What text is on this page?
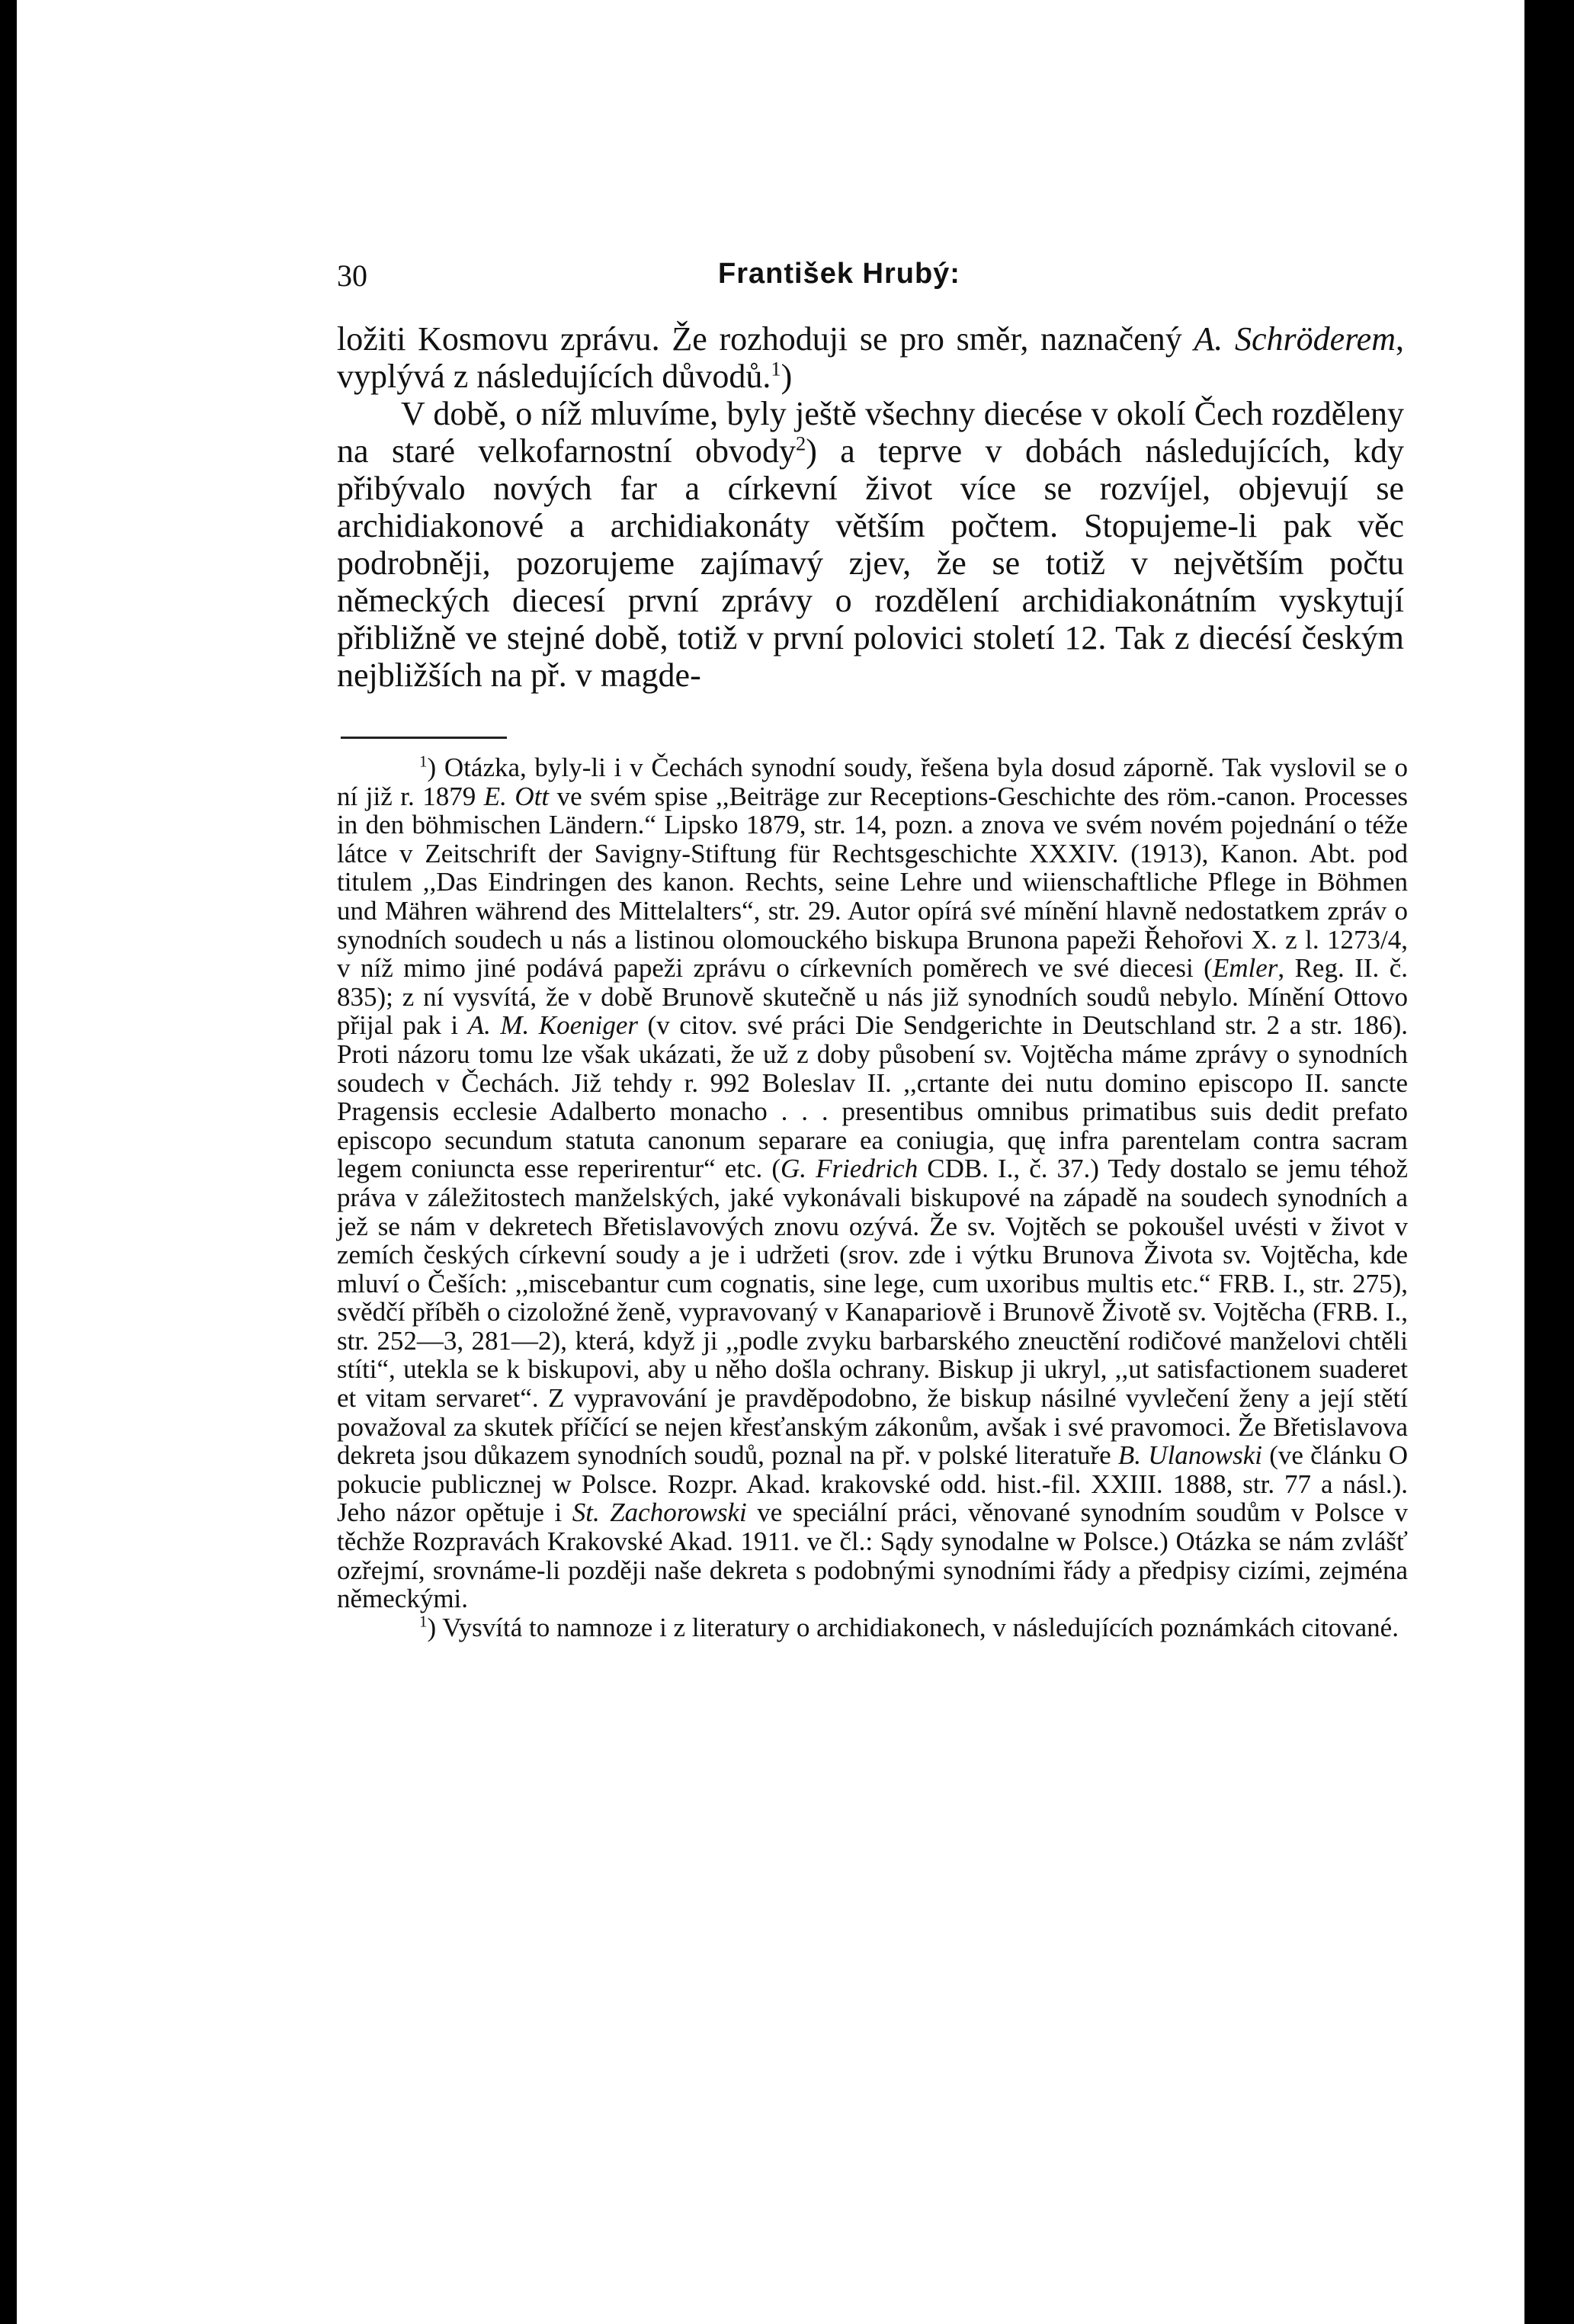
30	František Hrubý:

ložiti Kosmovu zprávu. Že rozhoduji se pro směr, naznačený A. Schröderem, vyplývá z následujících důvodů.$^1$)

V době, o níž mluvíme, byly ještě všechny diecése v okolí Čech rozděleny na staré velkofarnostní obvody$^2$) a teprve v dobách následujících, kdy přibývalo nových far a církevní život více se rozvíjel, objevují se archidiakonové a archidiakonáty větším počtem. Stopujeme-li pak věc podrobněji, pozorujeme zajímavý zjev, že se totiž v největším počtu německých diecesí první zprávy o rozdělení archidiakonátním vyskytují přibližně ve stejné době, totiž v první polovici století 12. Tak z diecésí českým nejbližších na př. v magde-

$^1$) Otázka, byly-li i v Čechách synodní soudy, řešena byla dosud záporně. Tak vyslovil se o ní již r. 1879 E. Ott ve svém spise ,,Beiträge zur Receptions-Geschichte des röm.-canon. Processes in den böhmischen Ländern.“ Lipsko 1879, str. 14, pozn. a znova ve svém novém pojednání o téže látce v Zeitschrift der Savigny-Stiftung für Rechtsgeschichte XXXIV. (1913), Kanon. Abt. pod titulem ,,Das Eindringen des kanon. Rechts, seine Lehre und wiienschaftliche Pflege in Böhmen und Mähren während des Mittelalters“, str. 29. Autor opírá své mínění hlavně nedostatkem zpráv o synodních soudech u nás a listinou olomouckého biskupa Brunona papeži Řehořovi X. z l. 1273/4, v níž mimo jiné podává papeži zprávu o církevních poměrech ve své diecesi (Emler, Reg. II. č. 835); z ní vysvítá, že v době Brunově skutečně u nás již synodních soudů nebylo. Mínění Ottovo přijal pak i A. M. Koeniger (v citov. své práci Die Sendgerichte in Deutschland str. 2 a str. 186). Proti názoru tomu lze však ukázati, že už z doby působení sv. Vojtěcha máme zprávy o synodních soudech v Čechách. Již tehdy r. 992 Boleslav II. ,,crtante dei nutu domino episcopo II. sancte Pragensis ecclesie Adalberto monacho . . . presentibus omnibus primatibus suis dedit prefato episcopo secundum statuta canonum separare ea coniugia, quę infra parentelam contra sacram legem coniuncta esse reperirentur“ etc. (G. Friedrich CDB. I., č. 37.) Tedy dostalo se jemu téhož práva v záležitostech manželských, jaké vykonávali biskupové na západě na soudech synodních a jež se nám v dekretech Břetislavových znovu ozývá. Že sv. Vojtěch se pokoušel uvésti v život v zemích českých církevní soudy a je i udržeti (srov. zde i výtku Brunova Života sv. Vojtěcha, kde mluví o Češích: ,,miscebantur cum cognatis, sine lege, cum uxoribus multis etc.“ FRB. I., str. 275), svědčí příběh o cizoložné ženě, vypravovaný v Kanapariově i Brunově Životě sv. Vojtěcha (FRB. I., str. 252—3, 281—2), která, když ji ,,podle zvyku barbarského zneuctění rodičové manželovi chtěli stíti“, utekla se k biskupovi, aby u něho došla ochrany. Biskup ji ukryl, ,,ut satisfactionem suaderet et vitam servaret“. Z vypravování je pravděpodobno, že biskup násilné vyvlečení ženy a její stětí považoval za skutek příčící se nejen křesťanským zákonům, avšak i své pravomoci. Že Břetislavova dekreta jsou důkazem synodních soudů, poznal na př. v polské literatuře B. Ulanowski (ve článku O pokucie publicznej w Polsce. Rozpr. Akad. krakovské odd. hist.-fil. XXIII. 1888, str. 77 a násl.). Jeho názor opětuje i St. Zachorowski ve speciální práci, věnované synodním soudům v Polsce v těchže Rozpravách Krakovské Akad. 1911. ve čl.: Sądy synodalne w Polsce.) Otázka se nám zvlášť ozřejmí, srovnáme-li později naše dekreta s podobnými synodními řády a předpisy cizími, zejména německými.

$^1$) Vysvítá to namnoze i z literatury o archidiakonech, v následujících poznámkách citované.
